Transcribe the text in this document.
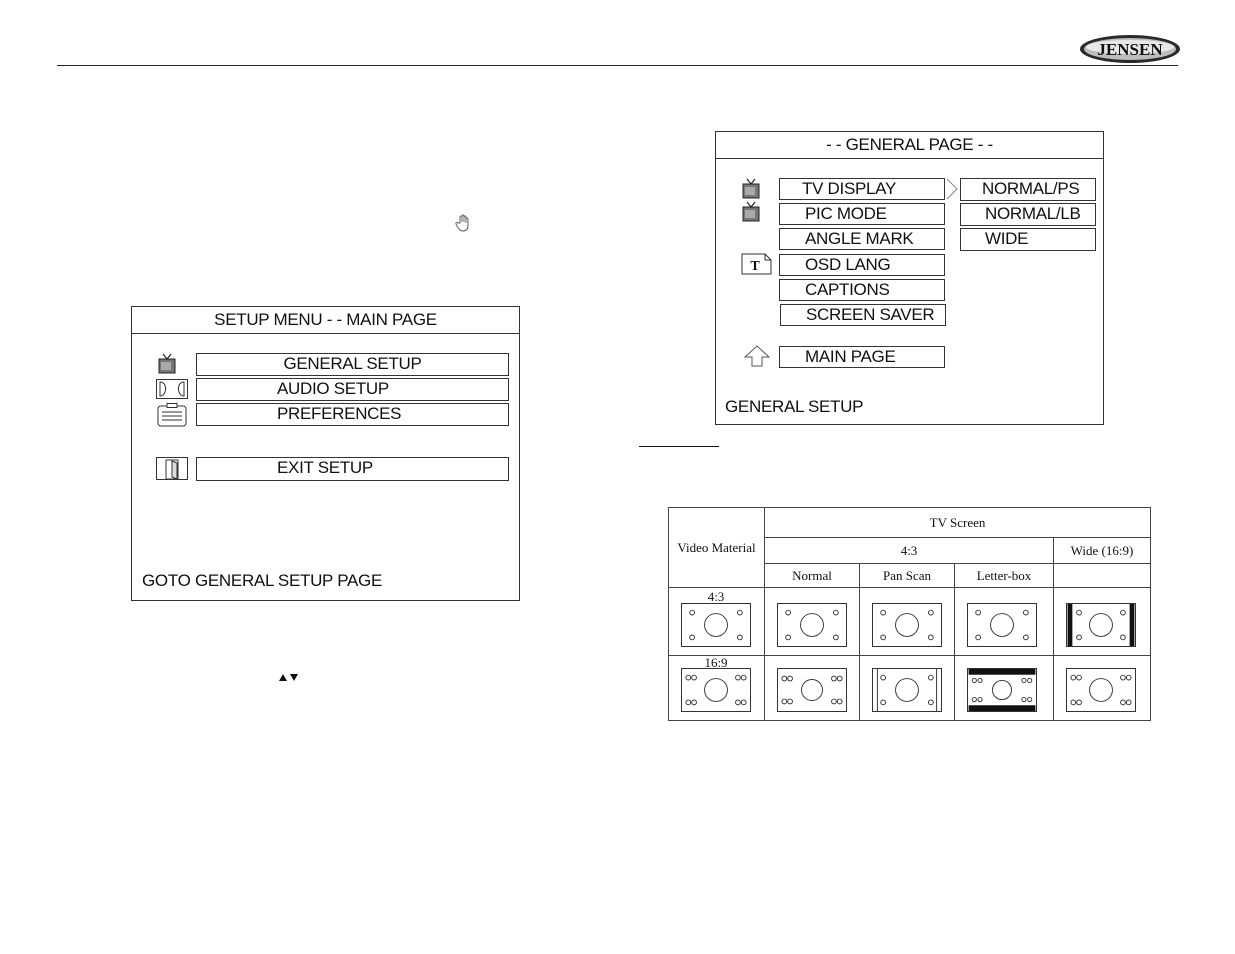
JENSEN
SETUP MENU - - MAIN PAGE
GENERAL SETUP
AUDIO SETUP
PREFERENCES
EXIT SETUP
GOTO GENERAL SETUP PAGE
- - GENERAL PAGE - -
T
TV DISPLAY
PIC MODE
ANGLE MARK
OSD LANG
CAPTIONS
SCREEN SAVER
MAIN PAGE
NORMAL/PS
NORMAL/LB
WIDE
GENERAL SETUP
Video Material	TV Screen			
	4:3			Wide (16:9)
	Normal	Pan Scan	Letter-box	

4:3

16:9
